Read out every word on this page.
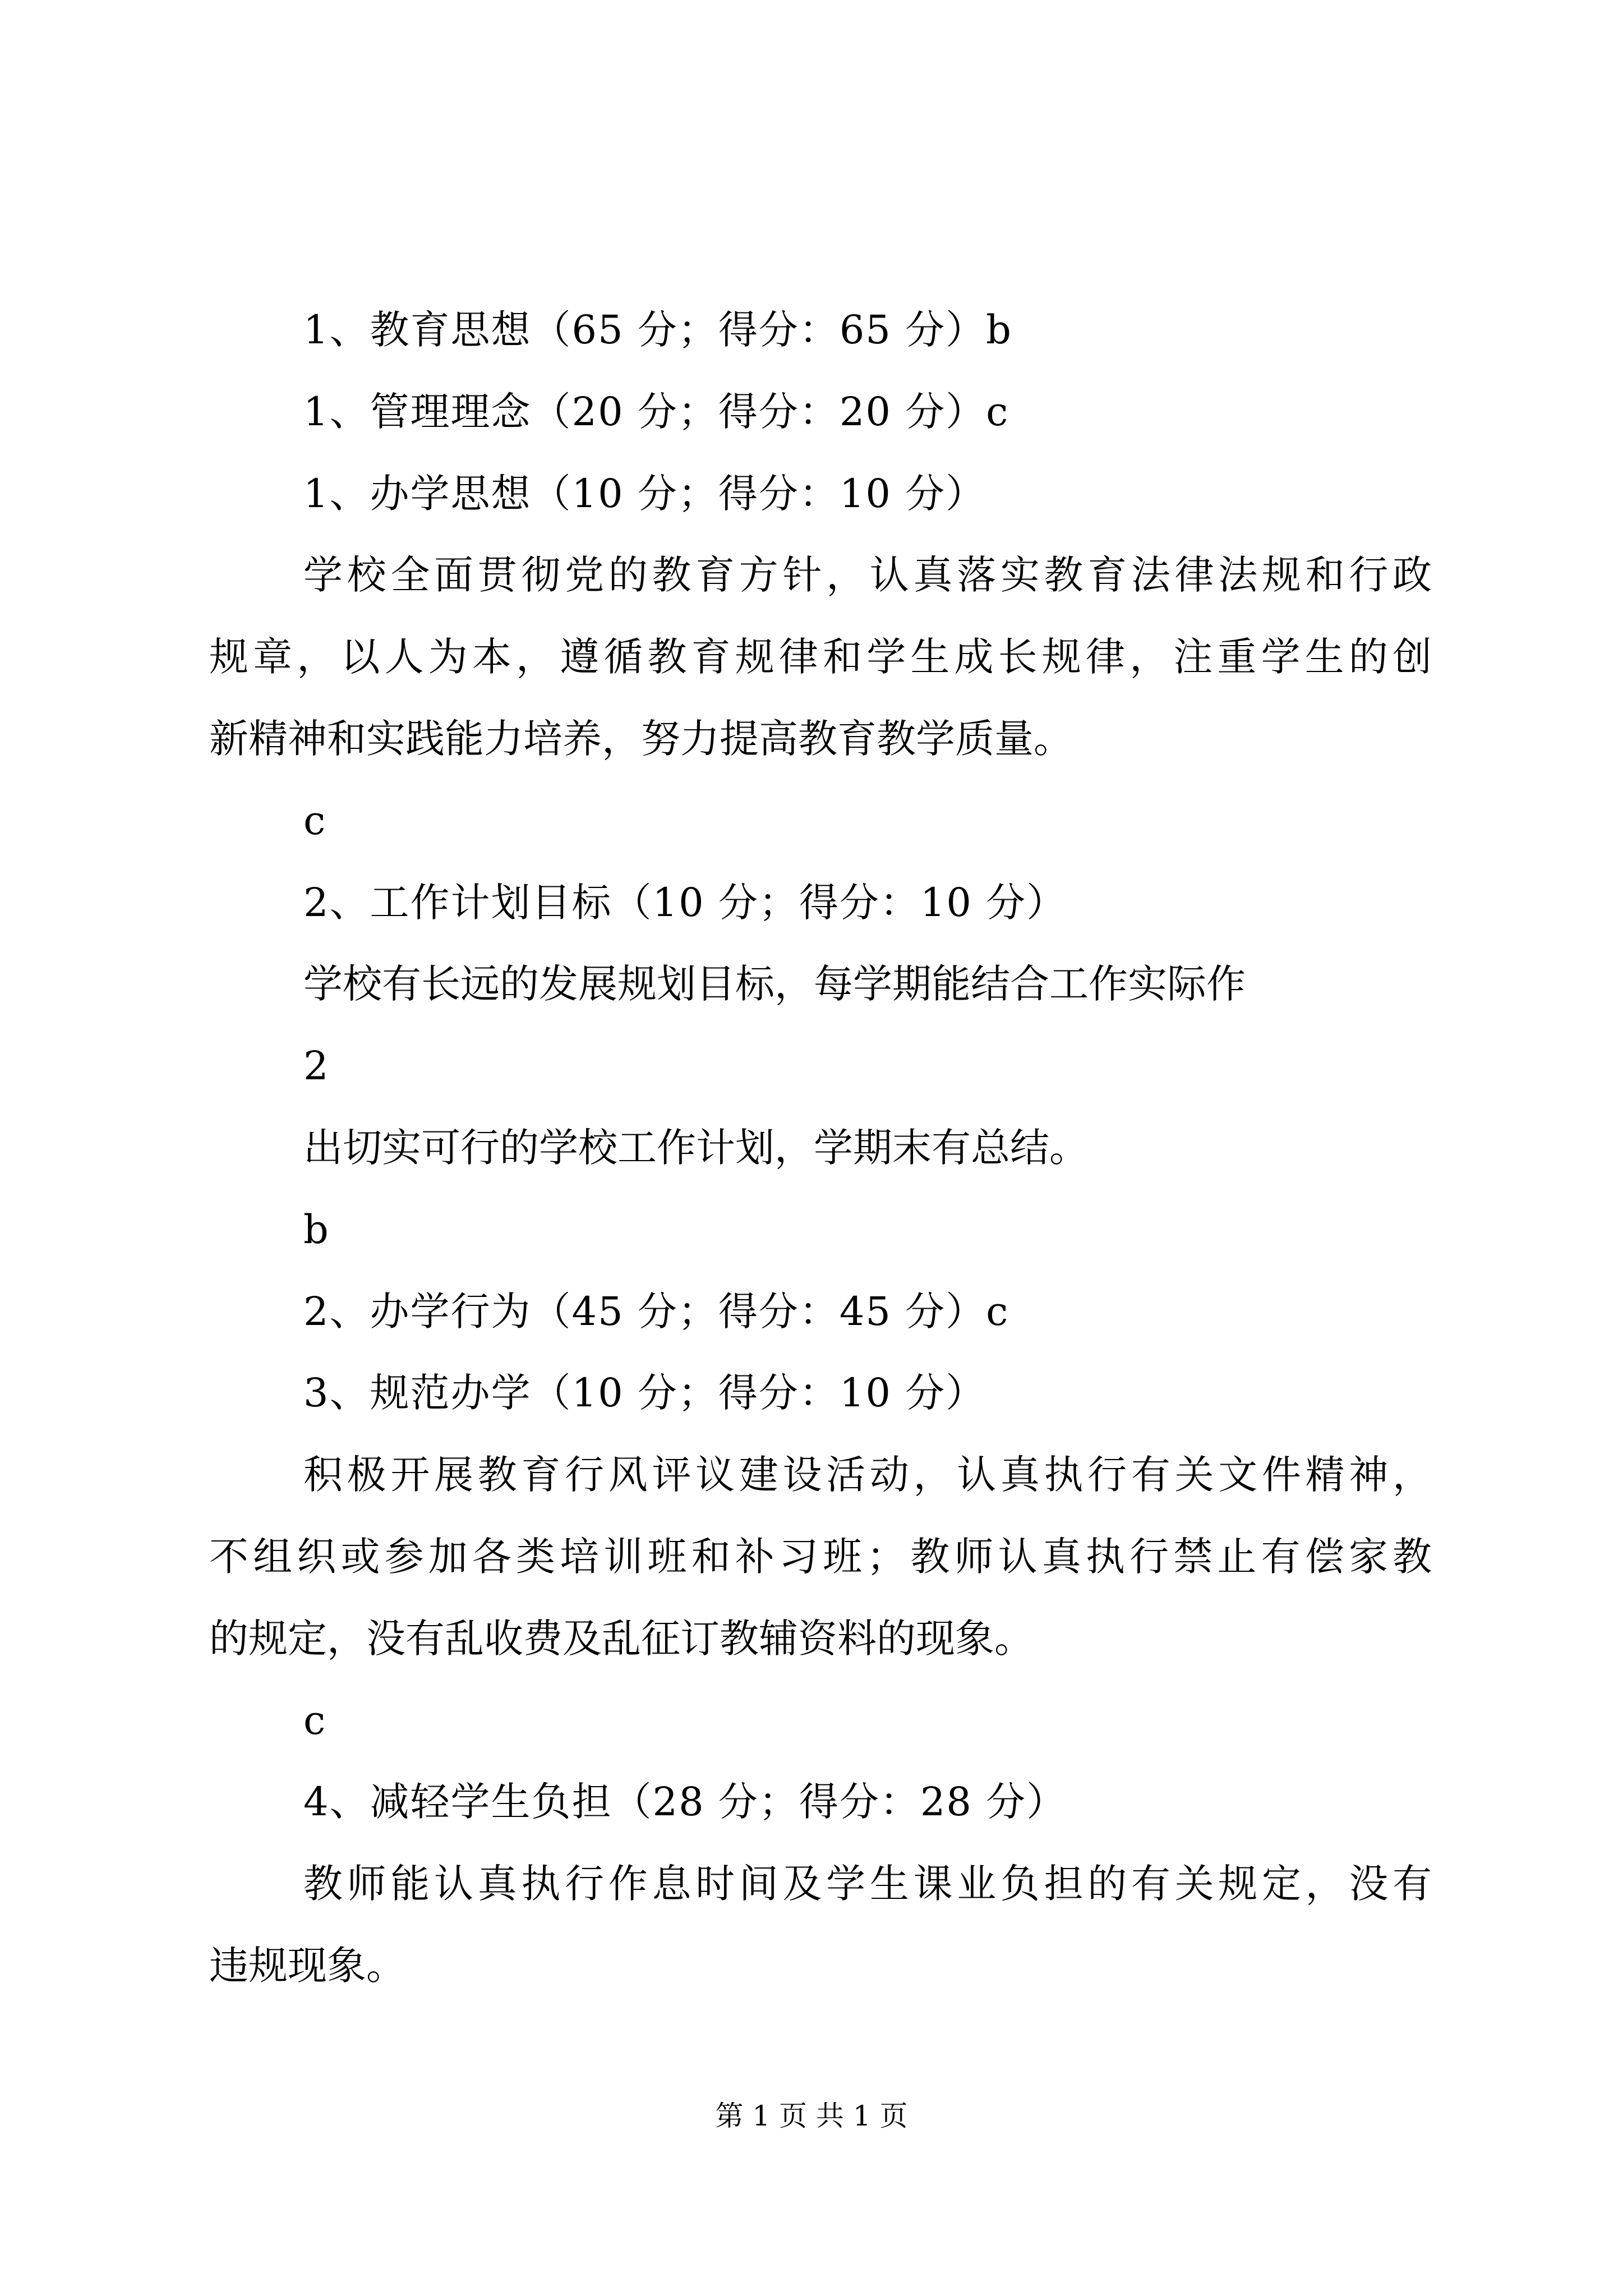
1、教育思想（65 分；得分：65 分）b
1、管理理念（20 分；得分：20 分）c
1、办学思想（10 分；得分：10 分）
学校全面贯彻党的教育方针，认真落实教育法律法规和行政
规章，以人为本，遵循教育规律和学生成长规律，注重学生的创
新精神和实践能力培养，努力提高教育教学质量。
c
2、工作计划目标（10 分；得分：10 分）
学校有长远的发展规划目标，每学期能结合工作实际作
2
出切实可行的学校工作计划，学期末有总结。
b
2、办学行为（45 分；得分：45 分）c
3、规范办学（10 分；得分：10 分）
积极开展教育行风评议建设活动，认真执行有关文件精神，
不组织或参加各类培训班和补习班；教师认真执行禁止有偿家教
的规定，没有乱收费及乱征订教辅资料的现象。
c
4、减轻学生负担（28 分；得分：28 分）
教师能认真执行作息时间及学生课业负担的有关规定，没有
违规现象。
第 1 页 共 1 页
